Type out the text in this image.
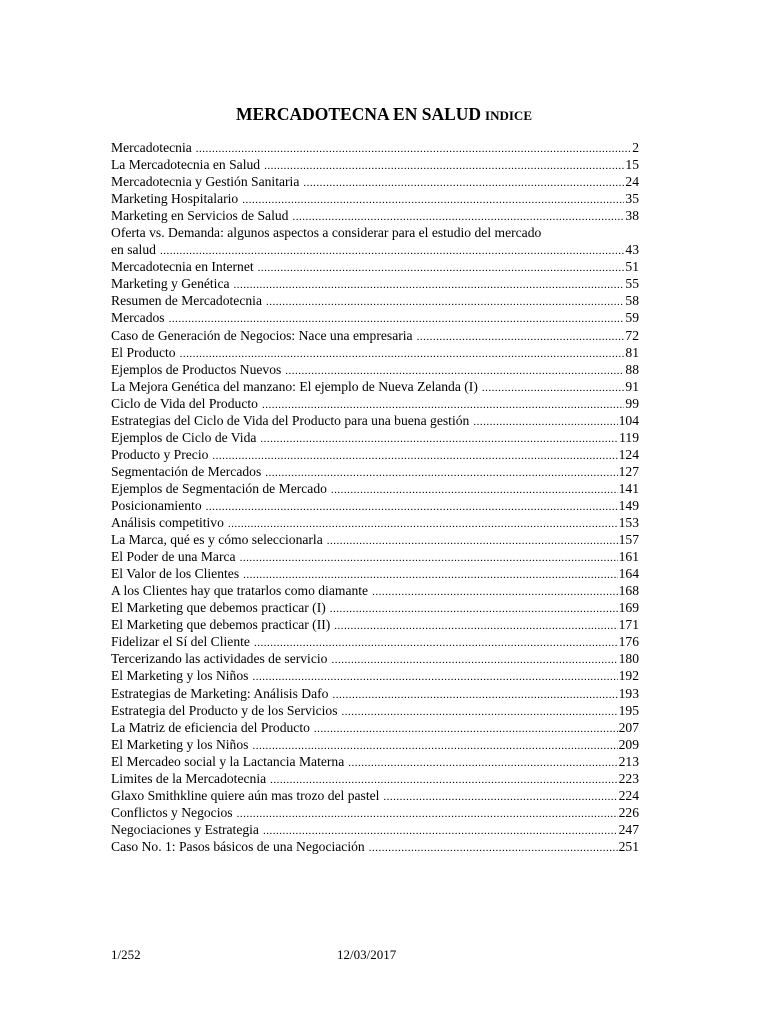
MERCADOTECNA EN SALUD INDICE
Mercadotecnia .....	2
La Mercadotecnia en Salud .....	15
Mercadotecnia y Gestión Sanitaria .....	24
Marketing Hospitalario .....	35
Marketing en Servicios de Salud .....	38
Oferta vs. Demanda: algunos aspectos a considerar para el estudio del mercado
en salud .....	43
Mercadotecnia en Internet .....	51
Marketing y Genética .....	55
Resumen de Mercadotecnia .....	58
Mercados .....	59
Caso de Generación de Negocios: Nace una empresaria .....	72
El Producto .....	81
Ejemplos de Productos Nuevos .....	88
La Mejora Genética del manzano: El ejemplo de Nueva Zelanda (I) .....	91
Ciclo de Vida del Producto .....	99
Estrategias del Ciclo de Vida del Producto para una buena gestión .....	104
Ejemplos de Ciclo de Vida .....	119
Producto y Precio .....	124
Segmentación de Mercados .....	127
Ejemplos de Segmentación de Mercado .....	141
Posicionamiento .....	149
Análisis competitivo .....	153
La Marca, qué es y cómo seleccionarla .....	157
El Poder de una Marca .....	161
El Valor de los Clientes .....	164
A los Clientes hay que tratarlos como diamante .....	168
El Marketing que debemos practicar (I) .....	169
El Marketing que debemos practicar (II) .....	171
Fidelizar el Sí del Cliente .....	176
Tercerizando las actividades de servicio .....	180
El Marketing y los Niños .....	192
Estrategias de Marketing: Análisis Dafo .....	193
Estrategia del Producto y de los Servicios .....	195
La Matriz de eficiencia del Producto .....	207
El Marketing y los Niños .....	209
El Mercadeo social y la Lactancia Materna .....	213
Limites de la Mercadotecnia .....	223
Glaxo Smithkline quiere aún mas trozo del pastel .....	224
Conflictos y Negocios .....	226
Negociaciones y Estrategia .....	247
Caso No. 1: Pasos básicos de una Negociación .....	251
1/252	12/03/2017
